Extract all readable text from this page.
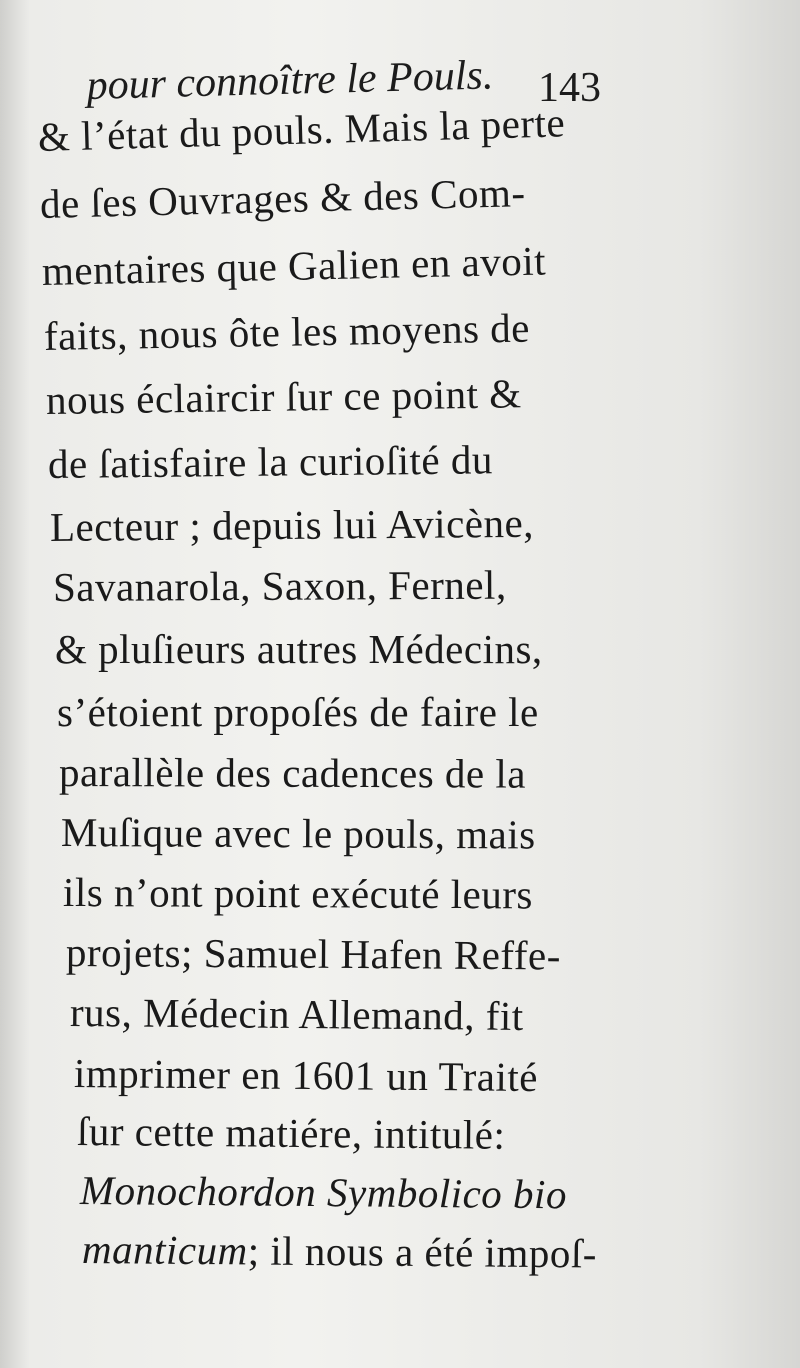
pour connoître le Pouls. 143
& l’état du pouls. Mais la perte
de ſes Ouvrages & des Com-
mentaires que Galien en avoit
faits, nous ôte les moyens de
nous éclaircir ſur ce point &
de ſatisfaire la curioſité du
Lecteur ; depuis lui Avicène,
Savanarola, Saxon, Fernel,
& pluſieurs autres Médecins,
s’étoient propoſés de faire le
parallèle des cadences de la
Muſique avec le pouls, mais
ils n’ont point exécuté leurs
projets; Samuel Hafen Reffe-
rus, Médecin Allemand, fit
imprimer en 1601 un Traité
ſur cette matiére, intitulé:
Monochordon Symbolico bio
manticum; il nous a été impoſ-
